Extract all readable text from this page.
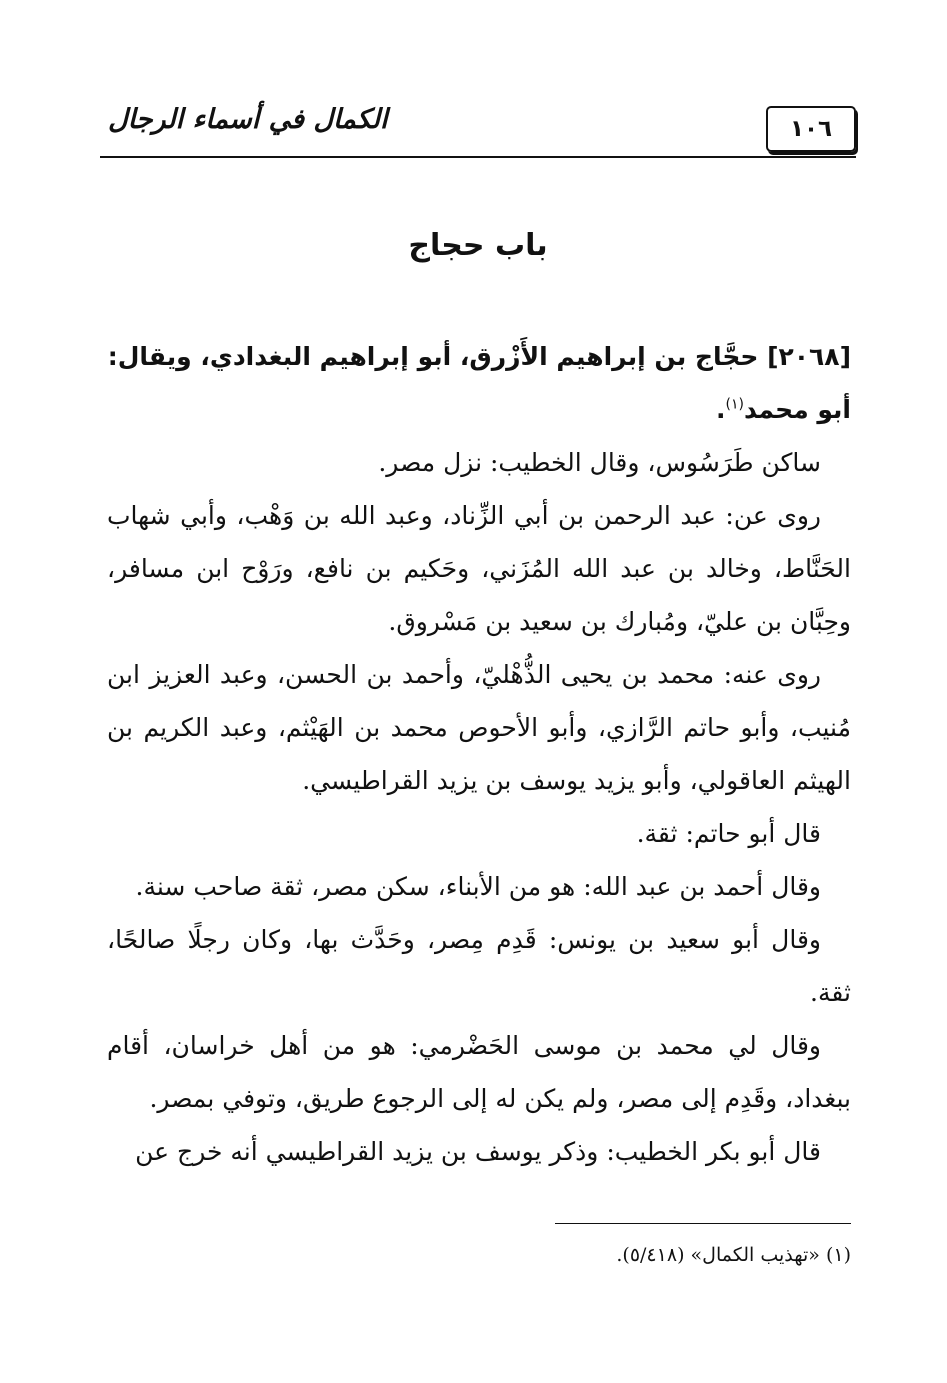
١٠٦
الكمال في أسماء الرجال
باب حجاج

[٢٠٦٨] حجَّاج بن إبراهيم الأَزْرق، أبو إبراهيم البغدادي، ويقال:
أبو محمد$^{(١)}$.

ساكن طَرَسُوس، وقال الخطيب: نزل مصر.

روى عن: عبد الرحمن بن أبي الزِّناد، وعبد الله بن وَهْب، وأبي شهاب الحَنَّاط، وخالد بن عبد الله المُزَني، وحَكيم بن نافع، ورَوْح ابن مسافر، وحِبَّان بن عليّ، ومُبارك بن سعيد بن مَسْروق.

روى عنه: محمد بن يحيى الذُّهْليّ، وأحمد بن الحسن، وعبد العزيز ابن مُنيب، وأبو حاتم الرَّازي، وأبو الأحوص محمد بن الهَيْثم، وعبد الكريم بن الهيثم العاقولي، وأبو يزيد يوسف بن يزيد القراطيسي.

قال أبو حاتم: ثقة.

وقال أحمد بن عبد الله: هو من الأبناء، سكن مصر، ثقة صاحب سنة.

وقال أبو سعيد بن يونس: قَدِم مِصر، وحَدَّث بها، وكان رجلًا صالحًا، ثقة.

وقال لي محمد بن موسى الحَضْرمي: هو من أهل خراسان، أقام ببغداد، وقَدِم إلى مصر، ولم يكن له إلى الرجوع طريق، وتوفي بمصر.

قال أبو بكر الخطيب: وذكر يوسف بن يزيد القراطيسي أنه خرج عن

(١) «تهذيب الكمال» (٥/٤١٨).
